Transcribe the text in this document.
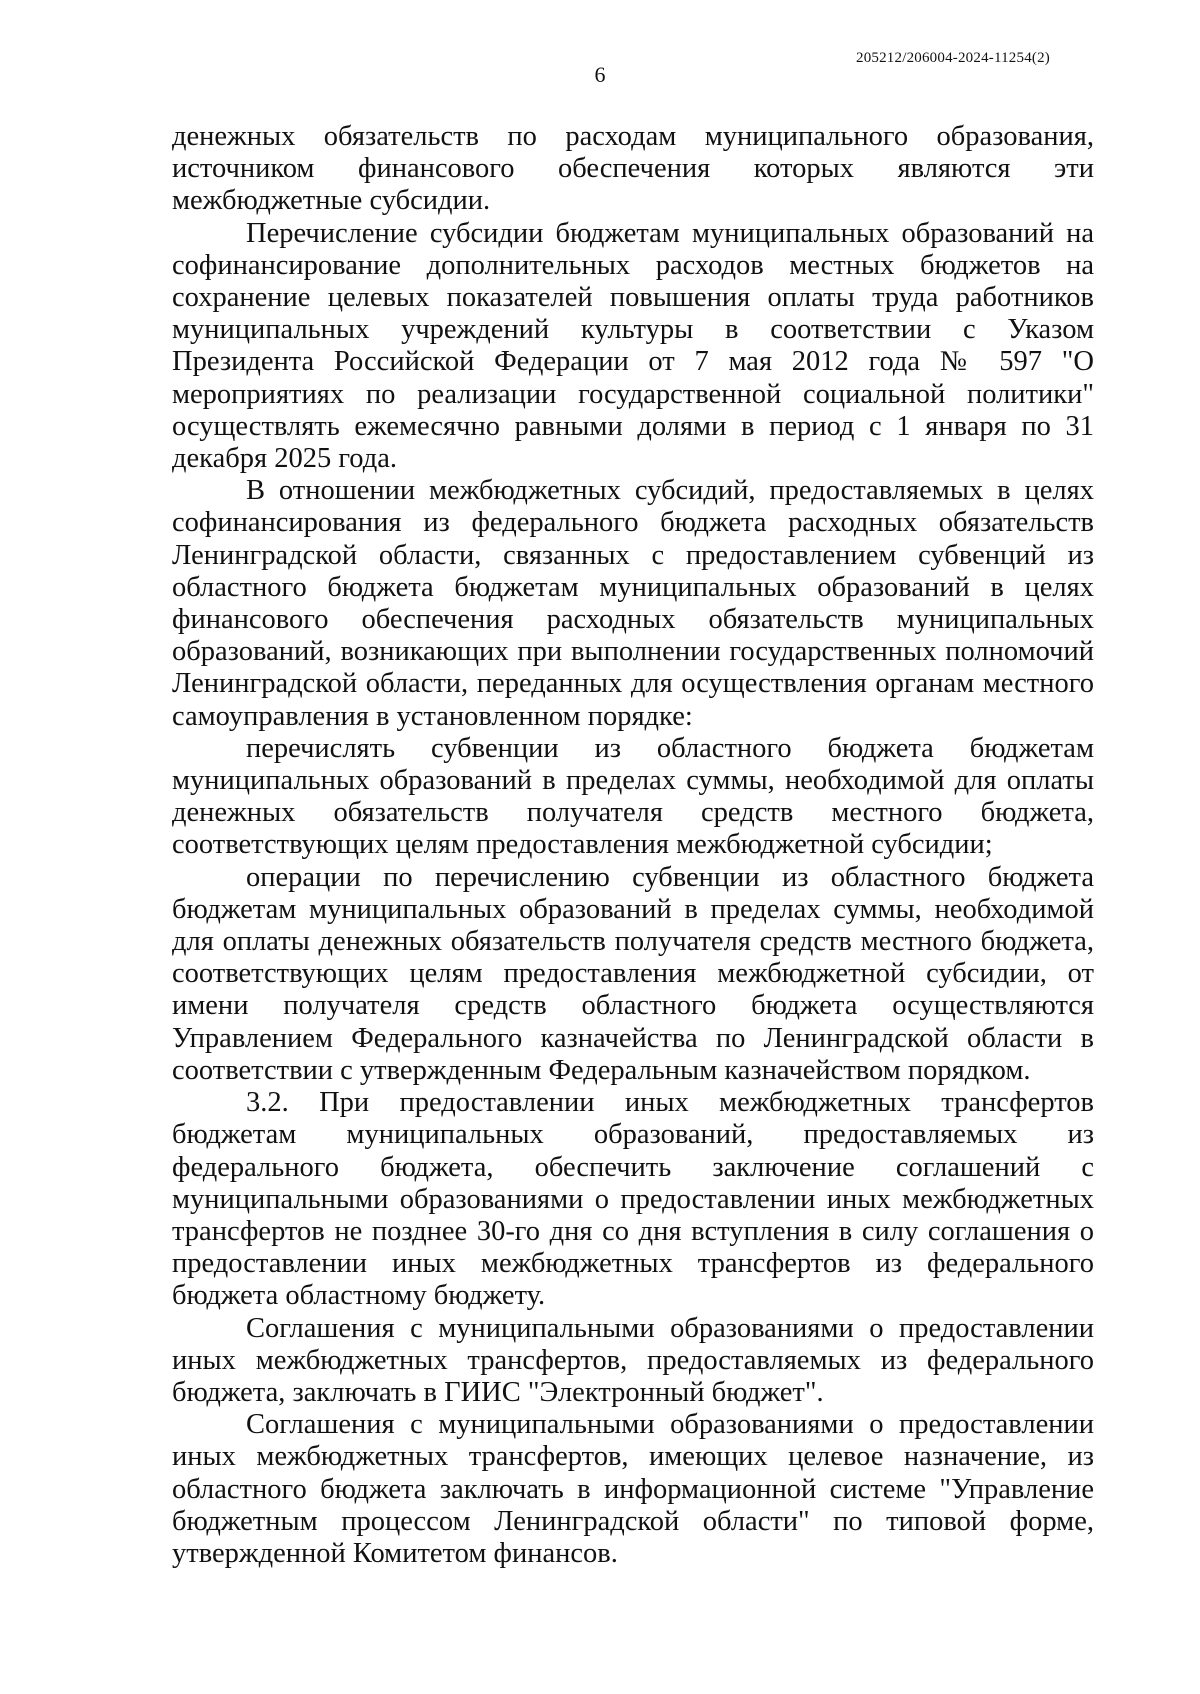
205212/206004-2024-11254(2)
6

денежных обязательств по расходам муниципального образования, источником финансового обеспечения которых являются эти межбюджетные субсидии.

Перечисление субсидии бюджетам муниципальных образований на софинансирование дополнительных расходов местных бюджетов на сохранение целевых показателей повышения оплаты труда работников муниципальных учреждений культуры в соответствии с Указом Президента Российской Федерации от 7 мая 2012 года № 597 "О мероприятиях по реализации государственной социальной политики" осуществлять ежемесячно равными долями в период с 1 января по 31 декабря 2025 года.

В отношении межбюджетных субсидий, предоставляемых в целях софинансирования из федерального бюджета расходных обязательств Ленинградской области, связанных с предоставлением субвенций из областного бюджета бюджетам муниципальных образований в целях финансового обеспечения расходных обязательств муниципальных образований, возникающих при выполнении государственных полномочий Ленинградской области, переданных для осуществления органам местного самоуправления в установленном порядке:

перечислять субвенции из областного бюджета бюджетам муниципальных образований в пределах суммы, необходимой для оплаты денежных обязательств получателя средств местного бюджета, соответствующих целям предоставления межбюджетной субсидии;

операции по перечислению субвенции из областного бюджета бюджетам муниципальных образований в пределах суммы, необходимой для оплаты денежных обязательств получателя средств местного бюджета, соответствующих целям предоставления межбюджетной субсидии, от имени получателя средств областного бюджета осуществляются Управлением Федерального казначейства по Ленинградской области в соответствии с утвержденным Федеральным казначейством порядком.

3.2. При предоставлении иных межбюджетных трансфертов бюджетам муниципальных образований, предоставляемых из федерального бюджета, обеспечить заключение соглашений с муниципальными образованиями о предоставлении иных межбюджетных трансфертов не позднее 30-го дня со дня вступления в силу соглашения о предоставлении иных межбюджетных трансфертов из федерального бюджета областному бюджету.

Соглашения с муниципальными образованиями о предоставлении иных межбюджетных трансфертов, предоставляемых из федерального бюджета, заключать в ГИИС "Электронный бюджет".

Соглашения с муниципальными образованиями о предоставлении иных межбюджетных трансфертов, имеющих целевое назначение, из областного бюджета заключать в информационной системе "Управление бюджетным процессом Ленинградской области" по типовой форме, утвержденной Комитетом финансов.
